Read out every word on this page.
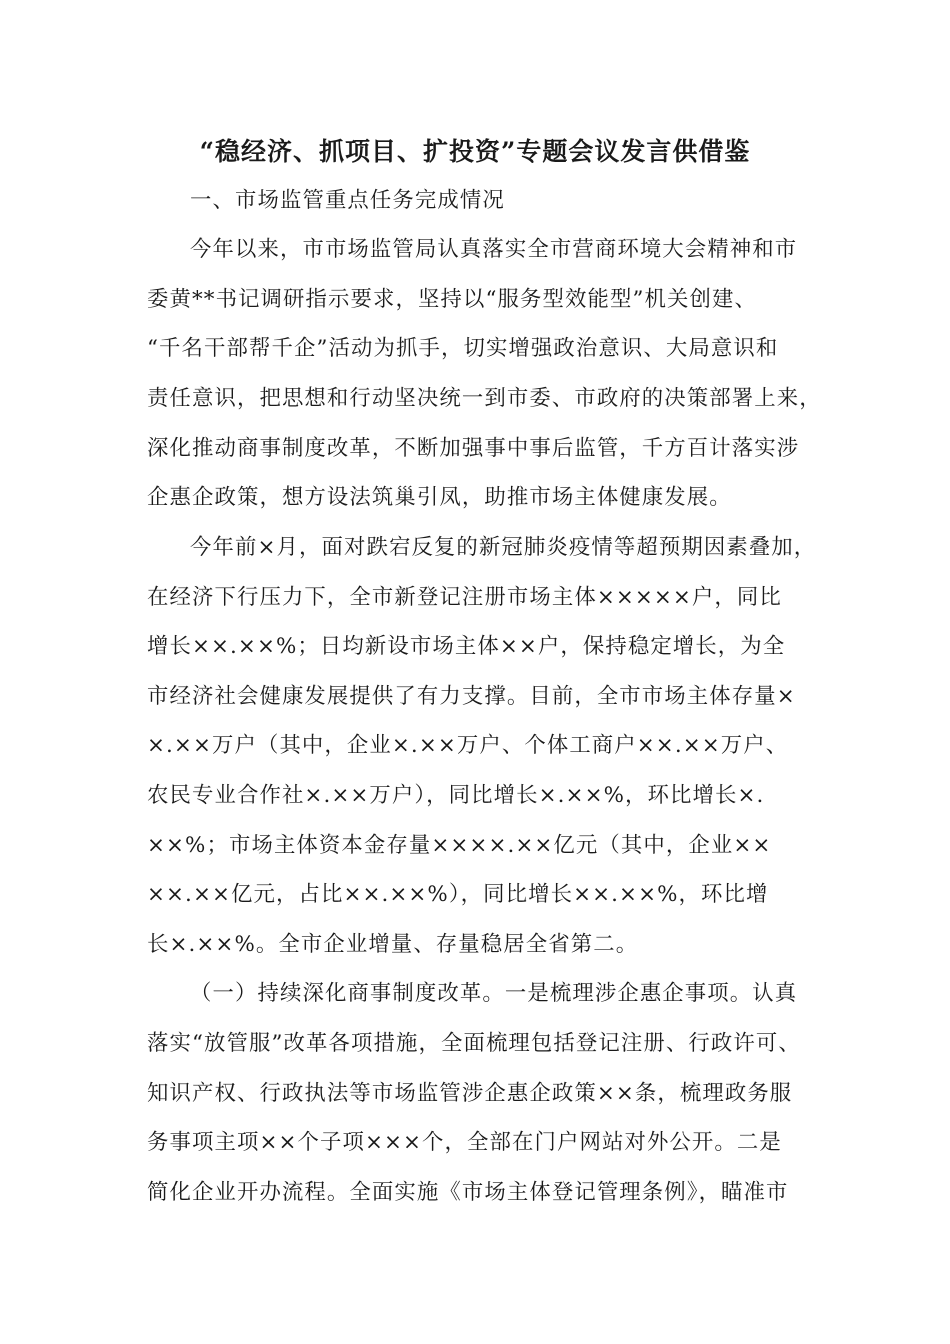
“稳经济、抓项目、扩投资”专题会议发言供借鉴
一、市场监管重点任务完成情况
今年以来，市市场监管局认真落实全市营商环境大会精神和市
委黄**书记调研指示要求，坚持以“服务型效能型”机关创建、
“千名干部帮千企”活动为抓手，切实增强政治意识、大局意识和
责任意识，把思想和行动坚决统一到市委、市政府的决策部署上来，
深化推动商事制度改革，不断加强事中事后监管，千方百计落实涉
企惠企政策，想方设法筑巢引凤，助推市场主体健康发展。
今年前×月，面对跌宕反复的新冠肺炎疫情等超预期因素叠加，
在经济下行压力下，全市新登记注册市场主体×××××户，同比
增长××.××%；日均新设市场主体××户，保持稳定增长，为全
市经济社会健康发展提供了有力支撑。目前，全市市场主体存量×
×.××万户（其中，企业×.××万户、个体工商户××.××万户、
农民专业合作社×.××万户），同比增长×.××%，环比增长×.
××%；市场主体资本金存量××××.××亿元（其中，企业××
××.××亿元，占比××.××%），同比增长××.××%，环比增
长×.××%。全市企业增量、存量稳居全省第二。
（一）持续深化商事制度改革。一是梳理涉企惠企事项。认真
落实“放管服”改革各项措施，全面梳理包括登记注册、行政许可、
知识产权、行政执法等市场监管涉企惠企政策××条，梳理政务服
务事项主项××个子项×××个，全部在门户网站对外公开。二是
简化企业开办流程。全面实施《市场主体登记管理条例》，瞄准市
